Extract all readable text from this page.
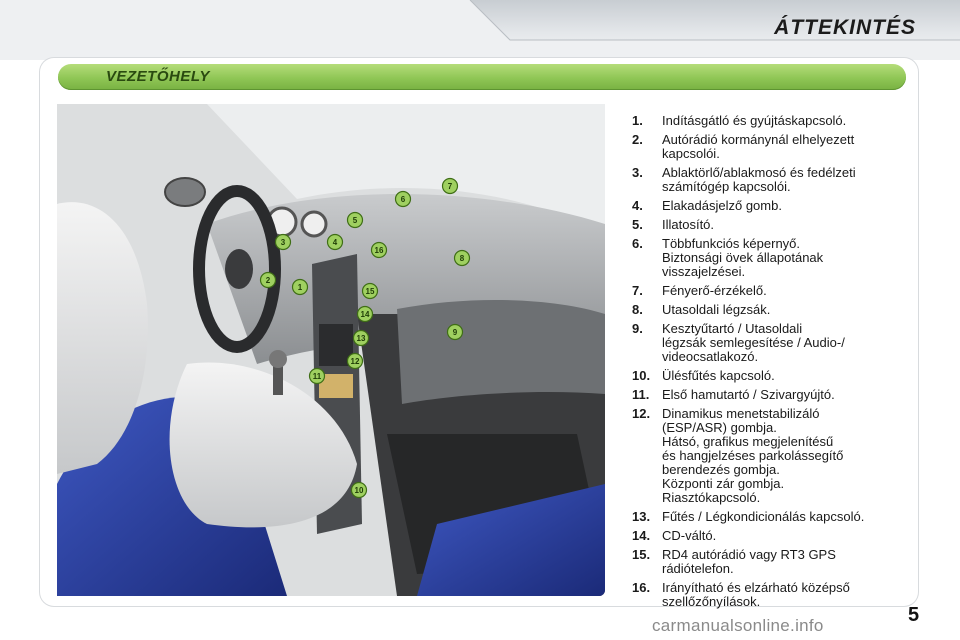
ÁTTEKINTÉS
VEZETŐHELY
1
2
3	4
5
6
7
8
9
10
11
12
13
14
15
16
1.	Indításgátló és gyújtáskapcsoló.
2.	Autórádió kormánynál elhelyezett
kapcsolói.
3.	Ablaktörlő/ablakmosó és fedélzeti
számítógép kapcsolói.
4.	Elakadásjelző gomb.
5.	Illatosító.
6.	Többfunkciós képernyő.
Biztonsági övek állapotának
visszajelzései.
7.	Fényerő-érzékelő.
8.	Utasoldali légzsák.
9.	Kesztyűtartó / Utasoldali
légzsák semlegesítése / Audio-/
videocsatlakozó.
10. Ülésfűtés kapcsoló.
11. Első hamutartó / Szivargyújtó.
12. Dinamikus menetstabilizáló
(ESP/ASR) gombja.
Hátsó, grafikus megjelenítésű
és hangjelzéses parkolássegítő
berendezés gombja.
Központi zár gombja.
Riasztókapcsoló.
13. Fűtés / Légkondicionálás kapcsoló.
14. CD-váltó.
15. RD4 autórádió vagy RT3 GPS
rádiótelefon.
16. Irányítható és elzárható középső
szellőzőnyílások.
5
carmanualsonline.info
